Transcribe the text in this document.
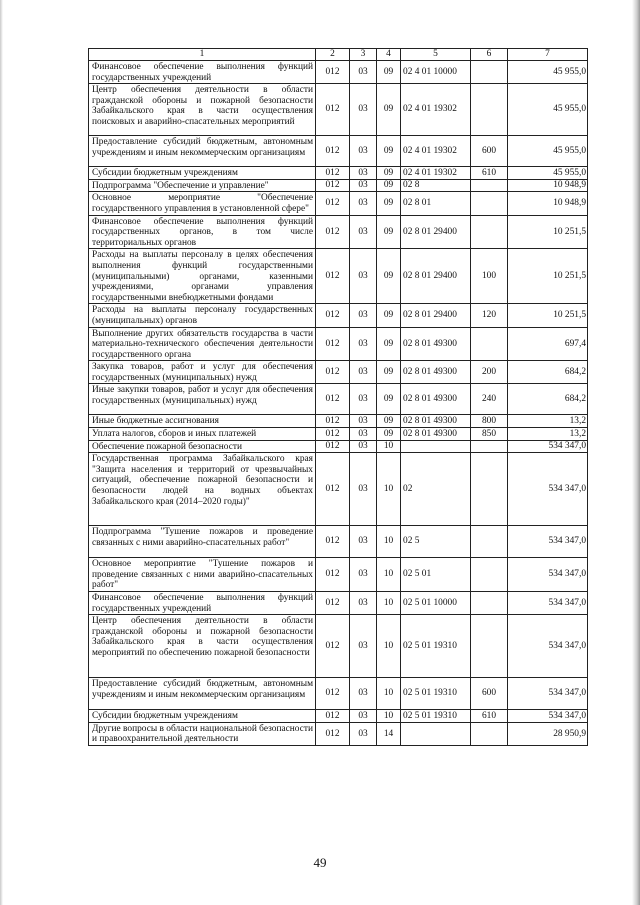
1	2	3	4	5	6	7
Финансовое обеспечение выполнения функций государственных учреждений	012	03	09	02 4 01 10000		45 955,0
Центр обеспечения деятельности в области гражданской обороны и пожарной безопасности Забайкальского края в части осуществления поисковых и аварийно-спасательных мероприятий	012	03	09	02 4 01 19302		45 955,0
Предоставление субсидий бюджетным, автономным учреждениям и иным некоммерческим организациям	012	03	09	02 4 01 19302	600	45 955,0
Субсидии бюджетным учреждениям	012	03	09	02 4 01 19302	610	45 955,0
Подпрограмма "Обеспечение и управление"	012	03	09	02 8		10 948,9
Основное мероприятие "Обеспечение государственного управления в установленной сфере"	012	03	09	02 8 01		10 948,9
Финансовое обеспечение выполнения функций государственных органов, в том числе территориальных органов	012	03	09	02 8 01 29400		10 251,5
Расходы на выплаты персоналу в целях обеспечения выполнения функций государственными (муниципальными) органами, казенными учреждениями, органами управления государственными внебюджетными фондами	012	03	09	02 8 01 29400	100	10 251,5
Расходы на выплаты персоналу государственных (муниципальных) органов	012	03	09	02 8 01 29400	120	10 251,5
Выполнение других обязательств государства в части материально-технического обеспечения деятельности государственного органа	012	03	09	02 8 01 49300		697,4
Закупка товаров, работ и услуг для обеспечения государственных (муниципальных) нужд	012	03	09	02 8 01 49300	200	684,2
Иные закупки товаров, работ и услуг для обеспечения государственных (муниципальных) нужд	012	03	09	02 8 01 49300	240	684,2
Иные бюджетные ассигнования	012	03	09	02 8 01 49300	800	13,2
Уплата налогов, сборов и иных платежей	012	03	09	02 8 01 49300	850	13,2
Обеспечение пожарной безопасности	012	03	10			534 347,0
Государственная программа Забайкальского края "Защита населения и территорий от чрезвычайных ситуаций, обеспечение пожарной безопасности и безопасности людей на водных объектах Забайкальского края (2014–2020 годы)"	012	03	10	02		534 347,0
Подпрограмма "Тушение пожаров и проведение связанных с ними аварийно-спасательных работ"	012	03	10	02 5		534 347,0
Основное мероприятие "Тушение пожаров и проведение связанных с ними аварийно-спасательных работ"	012	03	10	02 5 01		534 347,0
Финансовое обеспечение выполнения функций государственных учреждений	012	03	10	02 5 01 10000		534 347,0
Центр обеспечения деятельности в области гражданской обороны и пожарной безопасности Забайкальского края в части осуществления мероприятий по обеспечению пожарной безопасности	012	03	10	02 5 01 19310		534 347,0
Предоставление субсидий бюджетным, автономным учреждениям и иным некоммерческим организациям	012	03	10	02 5 01 19310	600	534 347,0
Субсидии бюджетным учреждениям	012	03	10	02 5 01 19310	610	534 347,0
Другие вопросы в области национальной безопасности и правоохранительной деятельности	012	03	14			28 950,9
49
